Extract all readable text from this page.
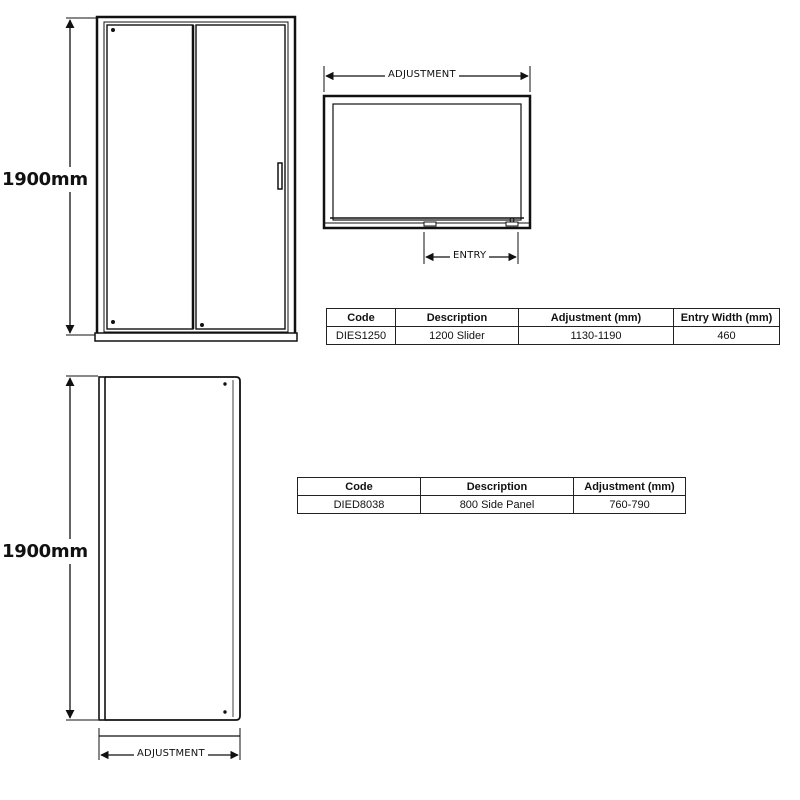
1900mm
1900mm
ADJUSTMENT
ENTRY
ADJUSTMENT
Code	Description	Adjustment (mm)	Entry Width (mm)
DIES1250	1200 Slider	1130-1190	460
Code	Description	Adjustment (mm)
DIED8038	800 Side Panel	760-790
